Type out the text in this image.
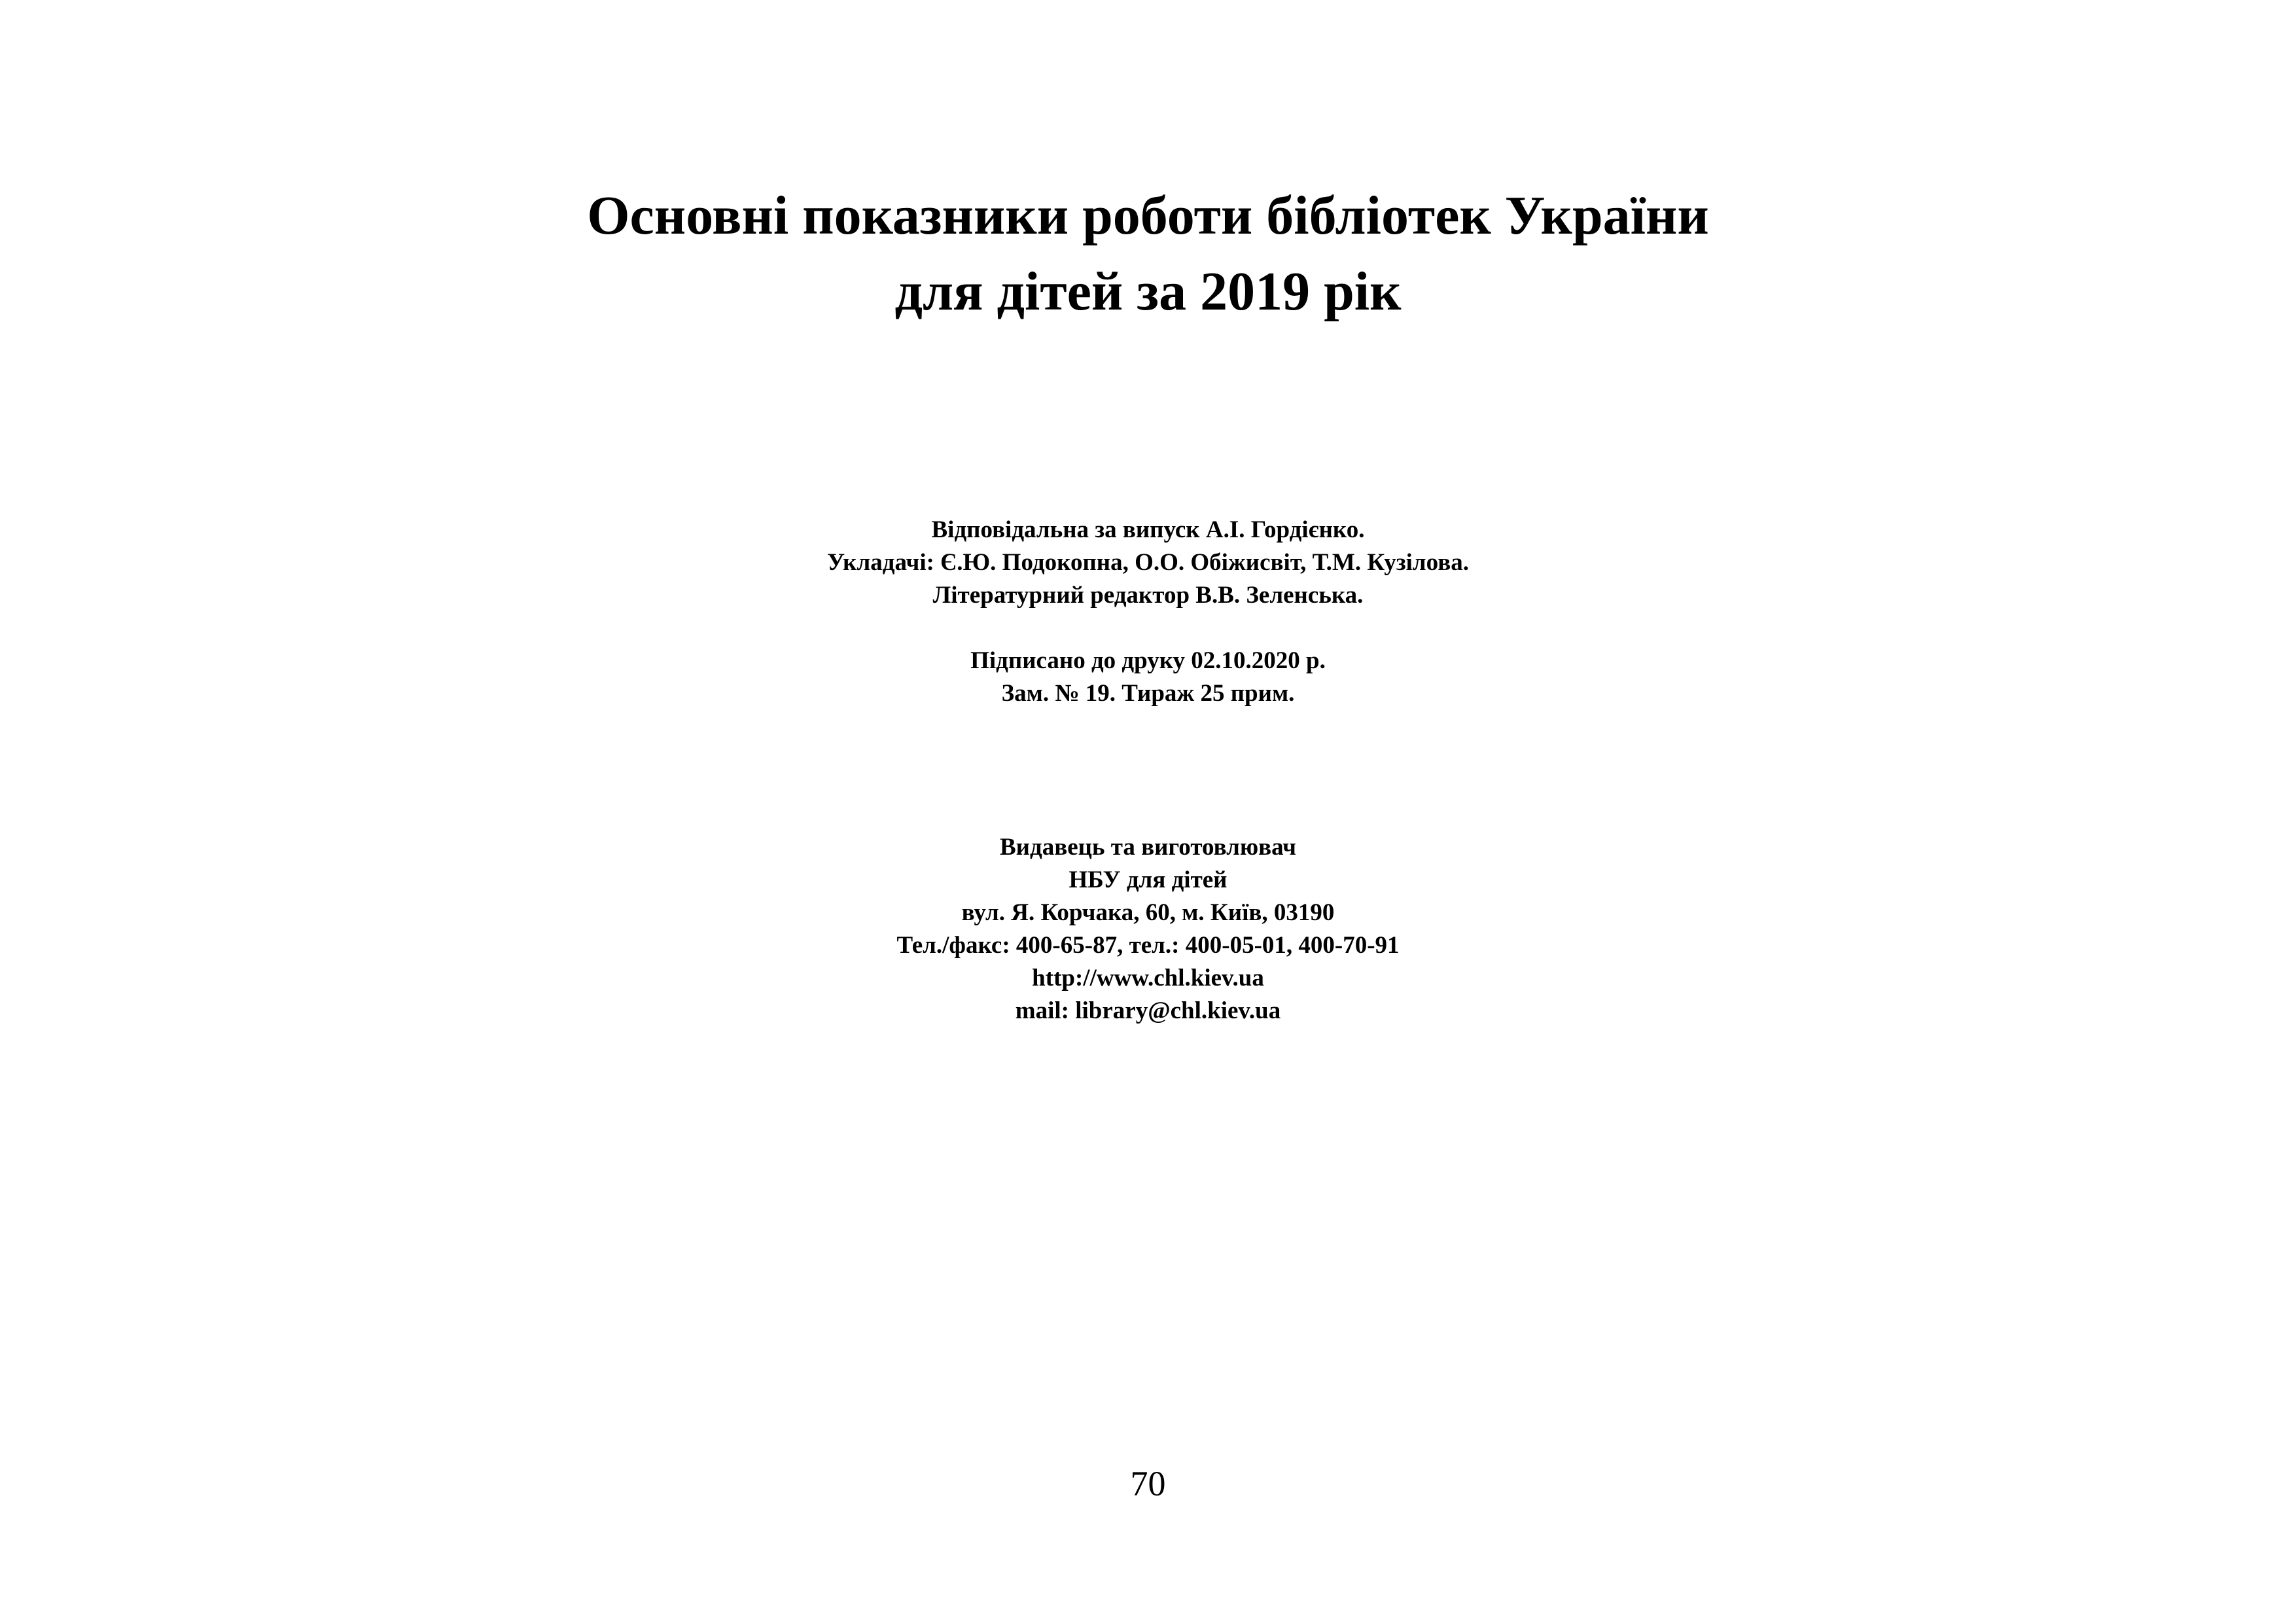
Основні показники роботи бібліотек України
для дітей за 2019 рік
Відповідальна за випуск А.І. Гордієнко.
Укладачі: Є.Ю. Подокопна, О.О. Обіжисвіт, Т.М. Кузілова.
Літературний редактор В.В. Зеленська.
Підписано до друку 02.10.2020 р.
Зам. № 19. Тираж 25 прим.
Видавець та виготовлювач
НБУ для дітей
вул. Я. Корчака, 60, м. Київ, 03190
Тел./факс: 400-65-87, тел.: 400-05-01, 400-70-91
http://www.chl.kiev.ua
mail: library@chl.kiev.ua
70
